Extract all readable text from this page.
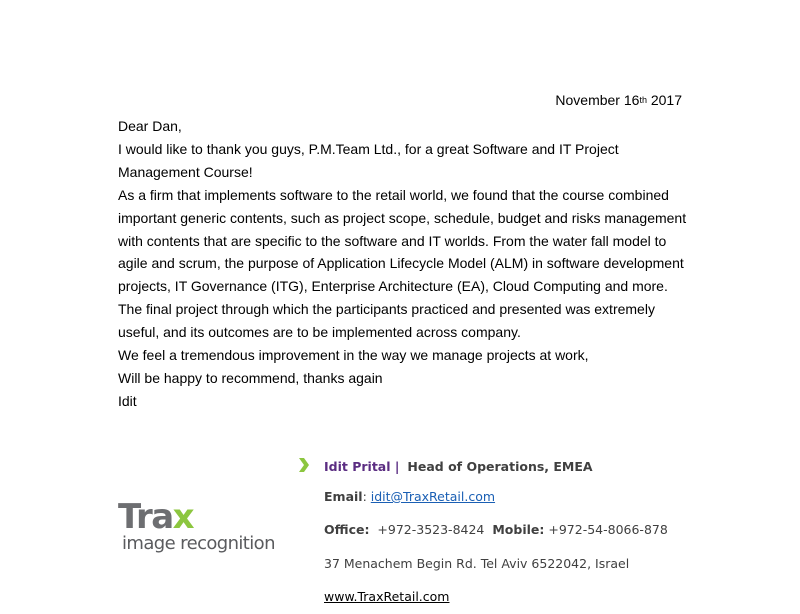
November 16th 2017

Dear Dan,

I would like to thank you guys, P.M.Team Ltd., for a great Software and IT Project Management Course!

As a firm that implements software to the retail world, we found that the course combined important generic contents, such as project scope, schedule, budget and risks management with contents that are specific to the software and IT worlds. From the water fall model to agile and scrum, the purpose of Application Lifecycle Model (ALM) in software development projects, IT Governance (ITG), Enterprise Architecture (EA), Cloud Computing and more.

The final project through which the participants practiced and presented was extremely useful, and its outcomes are to be implemented across company.

We feel a tremendous improvement in the way we manage projects at work,

Will be happy to recommend, thanks again

Idit

Idit Prital | Head of Operations, EMEA
Email: idit@TraxRetail.com
Office: +972-3523-8424 Mobile: +972-54-8066-878
37 Menachem Begin Rd. Tel Aviv 6522042, Israel
www.TraxRetail.com
Trax
image recognition
